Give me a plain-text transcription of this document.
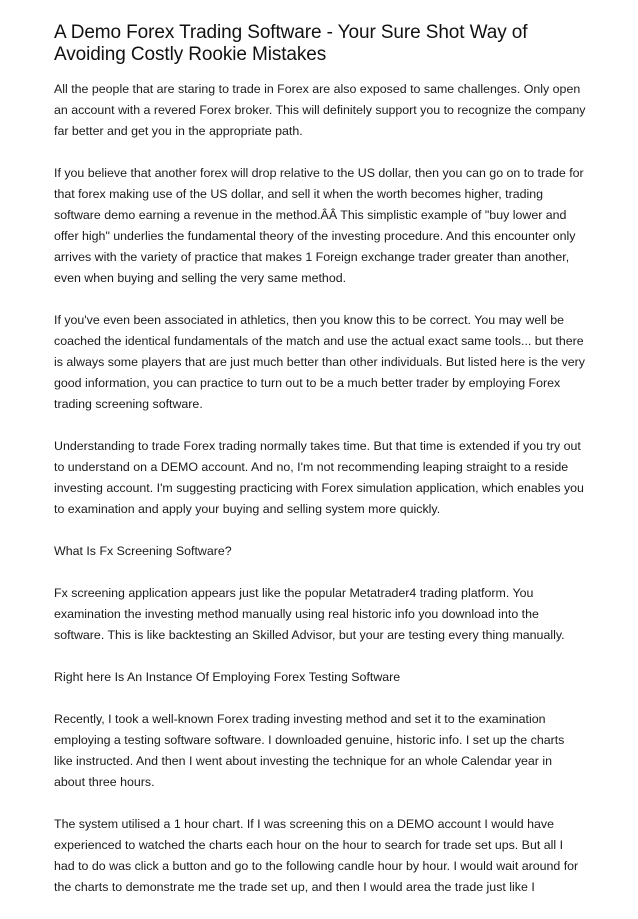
A Demo Forex Trading Software - Your Sure Shot Way of Avoiding Costly Rookie Mistakes

All the people that are staring to trade in Forex are also exposed to same challenges. Only open an account with a revered Forex broker. This will definitely support you to recognize the company far better and get you in the appropriate path.

If you believe that another forex will drop relative to the US dollar, then you can go on to trade for that forex making use of the US dollar, and sell it when the worth becomes higher, trading software demo earning a revenue in the method.ÂÂ This simplistic example of "buy lower and offer high" underlies the fundamental theory of the investing procedure. And this encounter only arrives with the variety of practice that makes 1 Foreign exchange trader greater than another, even when buying and selling the very same method.

If you've even been associated in athletics, then you know this to be correct. You may well be coached the identical fundamentals of the match and use the actual exact same tools... but there is always some players that are just much better than other individuals. But listed here is the very good information, you can practice to turn out to be a much better trader by employing Forex trading screening software.

Understanding to trade Forex trading normally takes time. But that time is extended if you try out to understand on a DEMO account. And no, I'm not recommending leaping straight to a reside investing account. I'm suggesting practicing with Forex simulation application, which enables you to examination and apply your buying and selling system more quickly.

What Is Fx Screening Software?

Fx screening application appears just like the popular Metatrader4 trading platform. You examination the investing method manually using real historic info you download into the software. This is like backtesting an Skilled Advisor, but your are testing every thing manually.

Right here Is An Instance Of Employing Forex Testing Software

Recently, I took a well-known Forex trading investing method and set it to the examination employing a testing software software. I downloaded genuine, historic info. I set up the charts like instructed. And then I went about investing the technique for an whole Calendar year in about three hours.

The system utilised a 1 hour chart. If I was screening this on a DEMO account I would have experienced to watched the charts each hour on the hour to search for trade set ups. But all I had to do was click a button and go to the following candle hour by hour. I would wait around for the charts to demonstrate me the trade set up, and then I would area the trade just like I
